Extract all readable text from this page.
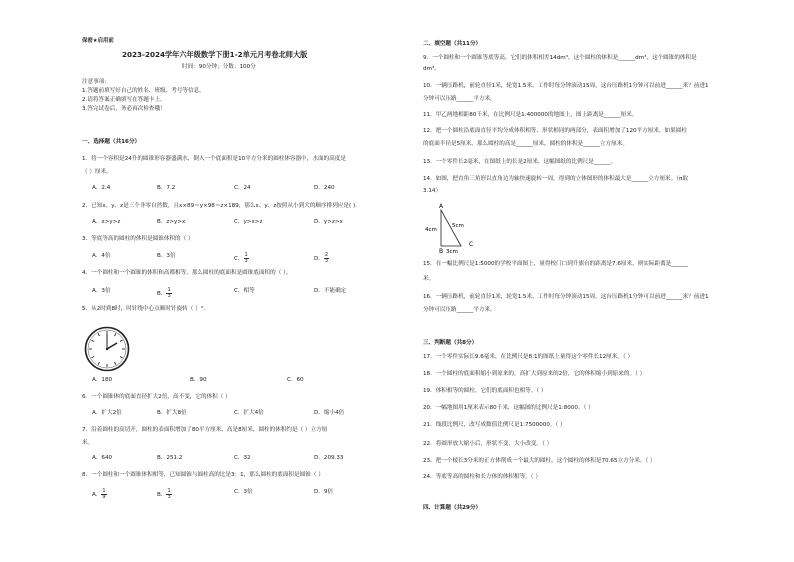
保密★启用前
2023-2024学年六年级数学下册1-2单元月考卷北师大版
时间：90分钟；分数：100分
注意事项：
1.答题前填写好自己的姓名、班级、考号等信息。
2.请将答案正确填写在答题卡上。
3.答完试卷后，务必再次检查哦！
一、选择题（共16分）
1．将一个容积是24升的圆锥形容器盛满水，倒入一个底面积是10平方分米的圆柱体容器中，水面的高度是
（ ）厘米。
A．2.4	B．7.2	C．24	D．240
2．已知x、y、z是三个非零自然数，且x×89＝y×98＝z×189，那么x、y、z按照从小到大的顺序排列应是( ).
A．x>y>z	B．z>y>x	C．y>x>z	D．y>z>x
3．等底等高的圆柱的体积是圆锥体积的（ ）
A．4倍	B．3倍	C． $\frac{1}{3}$	D． $\frac{2}{3}$
4．一个圆柱和一个圆锥的体积和高都相等，那么圆柱的底面积是圆锥底面积的（ ）。
A．3倍	B． $\frac{1}{3}$	C．相等	D．不能确定
5．从2时到8时，时针绕中心点顺时针旋转（ ）°。
A．180	B．90	C．60
6．一个圆锥体的底面直径扩大2倍，高不变，它的体积（ ）
A．扩大2倍	B．扩大8倍	C．扩大4倍	D．缩小4倍
7．沿着圆柱的高切开，圆柱的表面积增加了80平方厘米，高是8厘米，圆柱的体积约是（ ）立方厘
米。
A．640	B．251.2	C．32	D．209.33
8．一个圆柱和一个圆锥体积相等，已知圆锥与圆柱高的比是3：1，那么圆柱的底面积是圆锥（ ）
A． $\frac{1}{9}$	B． $\frac{1}{3}$	C．3倍	D．9倍
二、填空题（共11分）
9．一个圆柱和一个圆锥等底等高，它们的体积相差14dm³，这个圆柱的体积是______dm³，这个圆锥的体积是
dm³。
10．一辆压路机，前轮直径1米，轮宽1.5米，工作时每分钟滚动15周，这台压路机1分钟可以前进______米？前进1
分钟可以压路______平方米。
11．甲乙两地相距80千米，在比例尺是1:400000的地图上，图上距离是______厘米。
12．把一个圆柱沿底面直径平均分成体积相等、形状相同的两部分，表面积增加了120平方厘米，如果圆柱
的底面半径是5厘米，那么圆柱的高是______厘米，圆柱的体积是______立方厘米。
13．一个零件长2毫米，在图纸上的长是2厘米，这幅图纸的比例尺是______。
14．如图，把直角三角形以直角边为轴快速旋转一周，得到的立体图形的体积最大是______立方厘米。（π取
3.14）
A
B
C
4cm
5cm
3cm
15．在一幅比例尺是1:5000的学校平面图上，量得校门口到升旗台的距离是7.6厘米，则实际距离是______
米。
16．一辆压路机，前轮直径1米，轮宽1.5米，工作时每分钟滚动15周。这台压路机1分钟可以前进______米？前进1
分钟可以压路______平方米。
三、判断题（共8分）
17．一个零件实际长9.6毫米，在比例尺是8:1的图纸上量得这个零件长12厘米。（ ）
18．一个圆柱的底面积缩小到原来的，高扩大到原来的2倍，它的体积缩小到原来的。（ ）
19．体积相等的圆柱，它们的底面积也相等。（ ）
20．一幅地图用1厘米表示80千米，这幅图的比例尺是1:8000。（ ）
21．线段比例尺，改写成数值比例尺是1:7500000。（ ）
22．将圆形放大缩小后，形状不变，大小改变。（ ）
23．把一个棱长3分米的正方体削成一个最大的圆柱，这个圆柱的体积是70.65立方分米。（ ）
24．等底等高的圆柱和长方体的体积相等。（ ）
四、计算题（共29分）
